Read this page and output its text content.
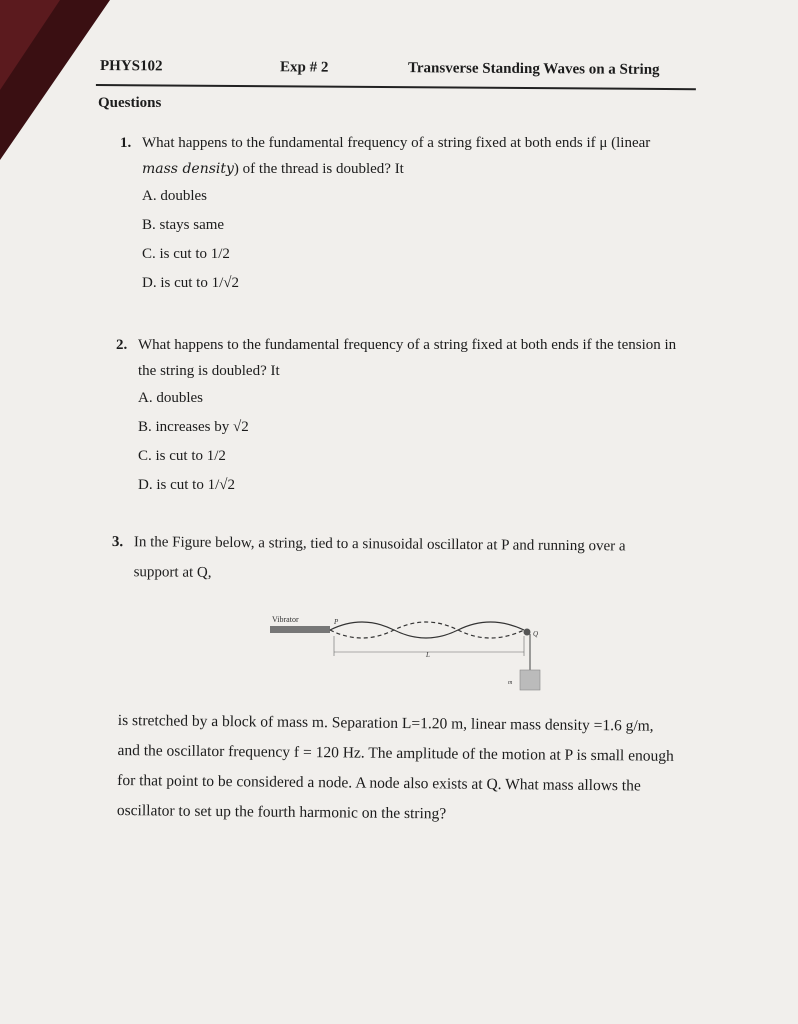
PHYS102	Exp # 2	Transverse Standing Waves on a String
Questions
1. What happens to the fundamental frequency of a string fixed at both ends if μ (linear
mass density) of the thread is doubled? It
A. doubles
B. stays same
C. is cut to 1/2
D. is cut to 1/√2
2. What happens to the fundamental frequency of a string fixed at both ends if the tension in
the string is doubled? It
A. doubles
B. increases by √2
C. is cut to 1/2
D. is cut to 1/√2
3. In the Figure below, a string, tied to a sinusoidal oscillator at P and running over a
support at Q,
Vibrator	P
Q
L
m
is stretched by a block of mass m. Separation L=1.20 m, linear mass density =1.6 g/m,
and the oscillator frequency f = 120 Hz. The amplitude of the motion at P is small enough
for that point to be considered a node. A node also exists at Q. What mass allows the
oscillator to set up the fourth harmonic on the string?
